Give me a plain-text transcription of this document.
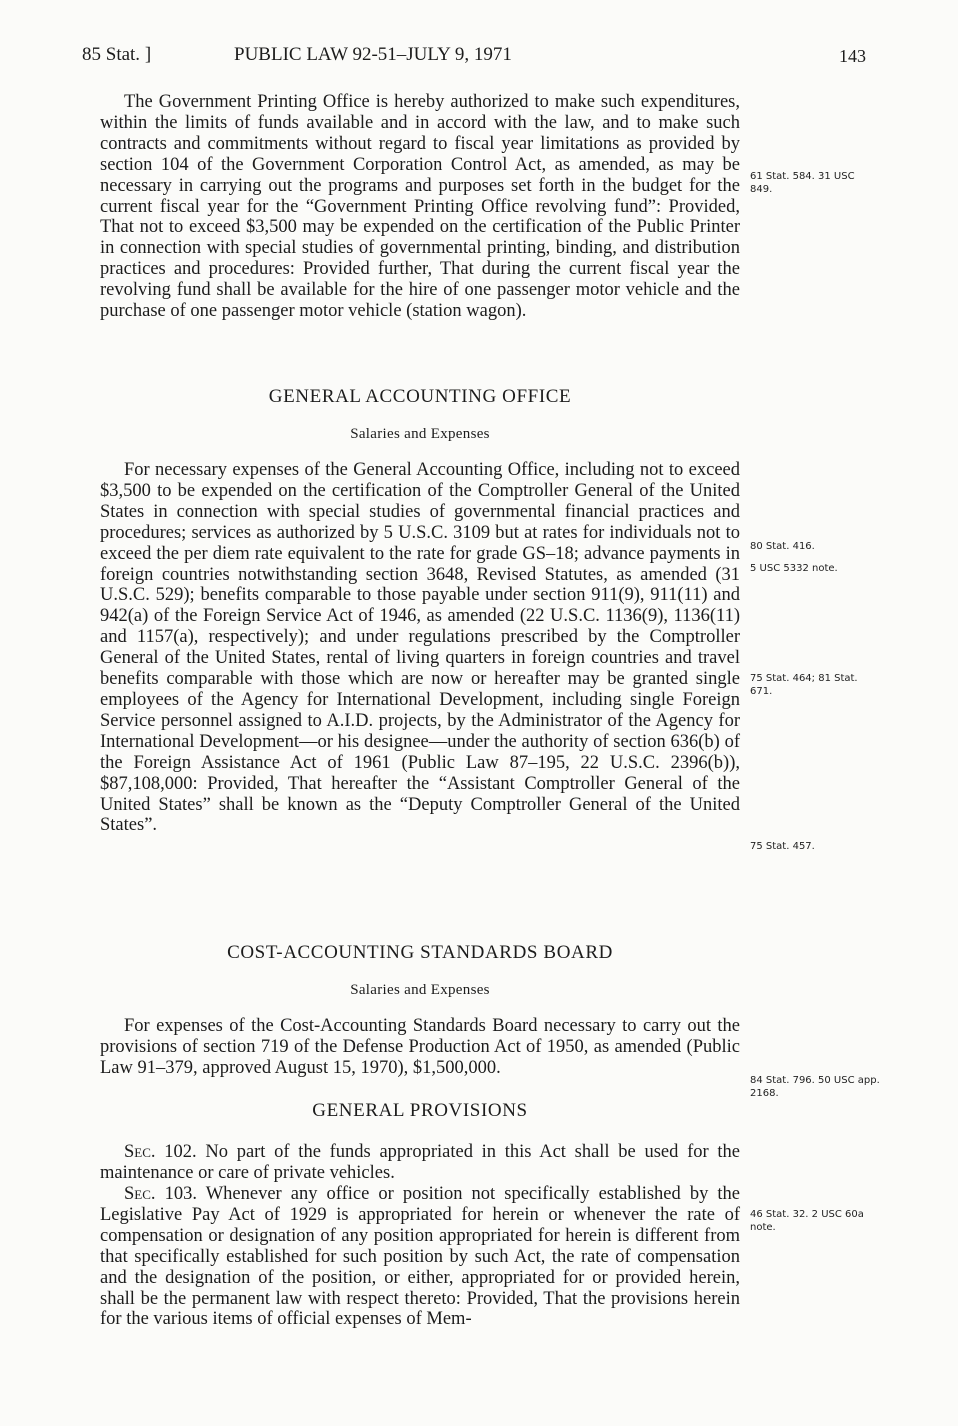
85 Stat. ]	PUBLIC LAW 92-51–JULY 9, 1971	143

The Government Printing Office is hereby authorized to make such expenditures, within the limits of funds available and in accord with the law, and to make such contracts and commitments without regard to fiscal year limitations as provided by section 104 of the Government Corporation Control Act, as amended, as may be necessary in carrying out the programs and purposes set forth in the budget for the current fiscal year for the “Government Printing Office revolving fund”: Provided, That not to exceed $3,500 may be expended on the certification of the Public Printer in connection with special studies of governmental printing, binding, and distribution practices and procedures: Provided further, That during the current fiscal year the revolving fund shall be available for the hire of one passenger motor vehicle and the purchase of one passenger motor vehicle (station wagon).

61 Stat. 584. 31 USC 849.

GENERAL ACCOUNTING OFFICE

Salaries and Expenses

For necessary expenses of the General Accounting Office, including not to exceed $3,500 to be expended on the certification of the Comptroller General of the United States in connection with special studies of governmental financial practices and procedures; services as authorized by 5 U.S.C. 3109 but at rates for individuals not to exceed the per diem rate equivalent to the rate for grade GS–18; advance payments in foreign countries notwithstanding section 3648, Revised Statutes, as amended (31 U.S.C. 529); benefits comparable to those payable under section 911(9), 911(11) and 942(a) of the Foreign Service Act of 1946, as amended (22 U.S.C. 1136(9), 1136(11) and 1157(a), respectively); and under regulations prescribed by the Comptroller General of the United States, rental of living quarters in foreign countries and travel benefits comparable with those which are now or hereafter may be granted single employees of the Agency for International Development, including single Foreign Service personnel assigned to A.I.D. projects, by the Administrator of the Agency for International Development—or his designee—under the authority of section 636(b) of the Foreign Assistance Act of 1961 (Public Law 87–195, 22 U.S.C. 2396(b)), $87,108,000: Provided, That hereafter the “Assistant Comptroller General of the United States” shall be known as the “Deputy Comptroller General of the United States”.

80 Stat. 416.
5 USC 5332 note.
75 Stat. 464; 81 Stat. 671.
75 Stat. 457.

COST-ACCOUNTING STANDARDS BOARD

Salaries and Expenses

For expenses of the Cost-Accounting Standards Board necessary to carry out the provisions of section 719 of the Defense Production Act of 1950, as amended (Public Law 91–379, approved August 15, 1970), $1,500,000.

84 Stat. 796. 50 USC app. 2168.

GENERAL PROVISIONS

Sec. 102. No part of the funds appropriated in this Act shall be used for the maintenance or care of private vehicles.

Sec. 103. Whenever any office or position not specifically established by the Legislative Pay Act of 1929 is appropriated for herein or whenever the rate of compensation or designation of any position appropriated for herein is different from that specifically established for such position by such Act, the rate of compensation and the designation of the position, or either, appropriated for or provided herein, shall be the permanent law with respect thereto: Provided, That the provisions herein for the various items of official expenses of Mem-

46 Stat. 32. 2 USC 60a note.
